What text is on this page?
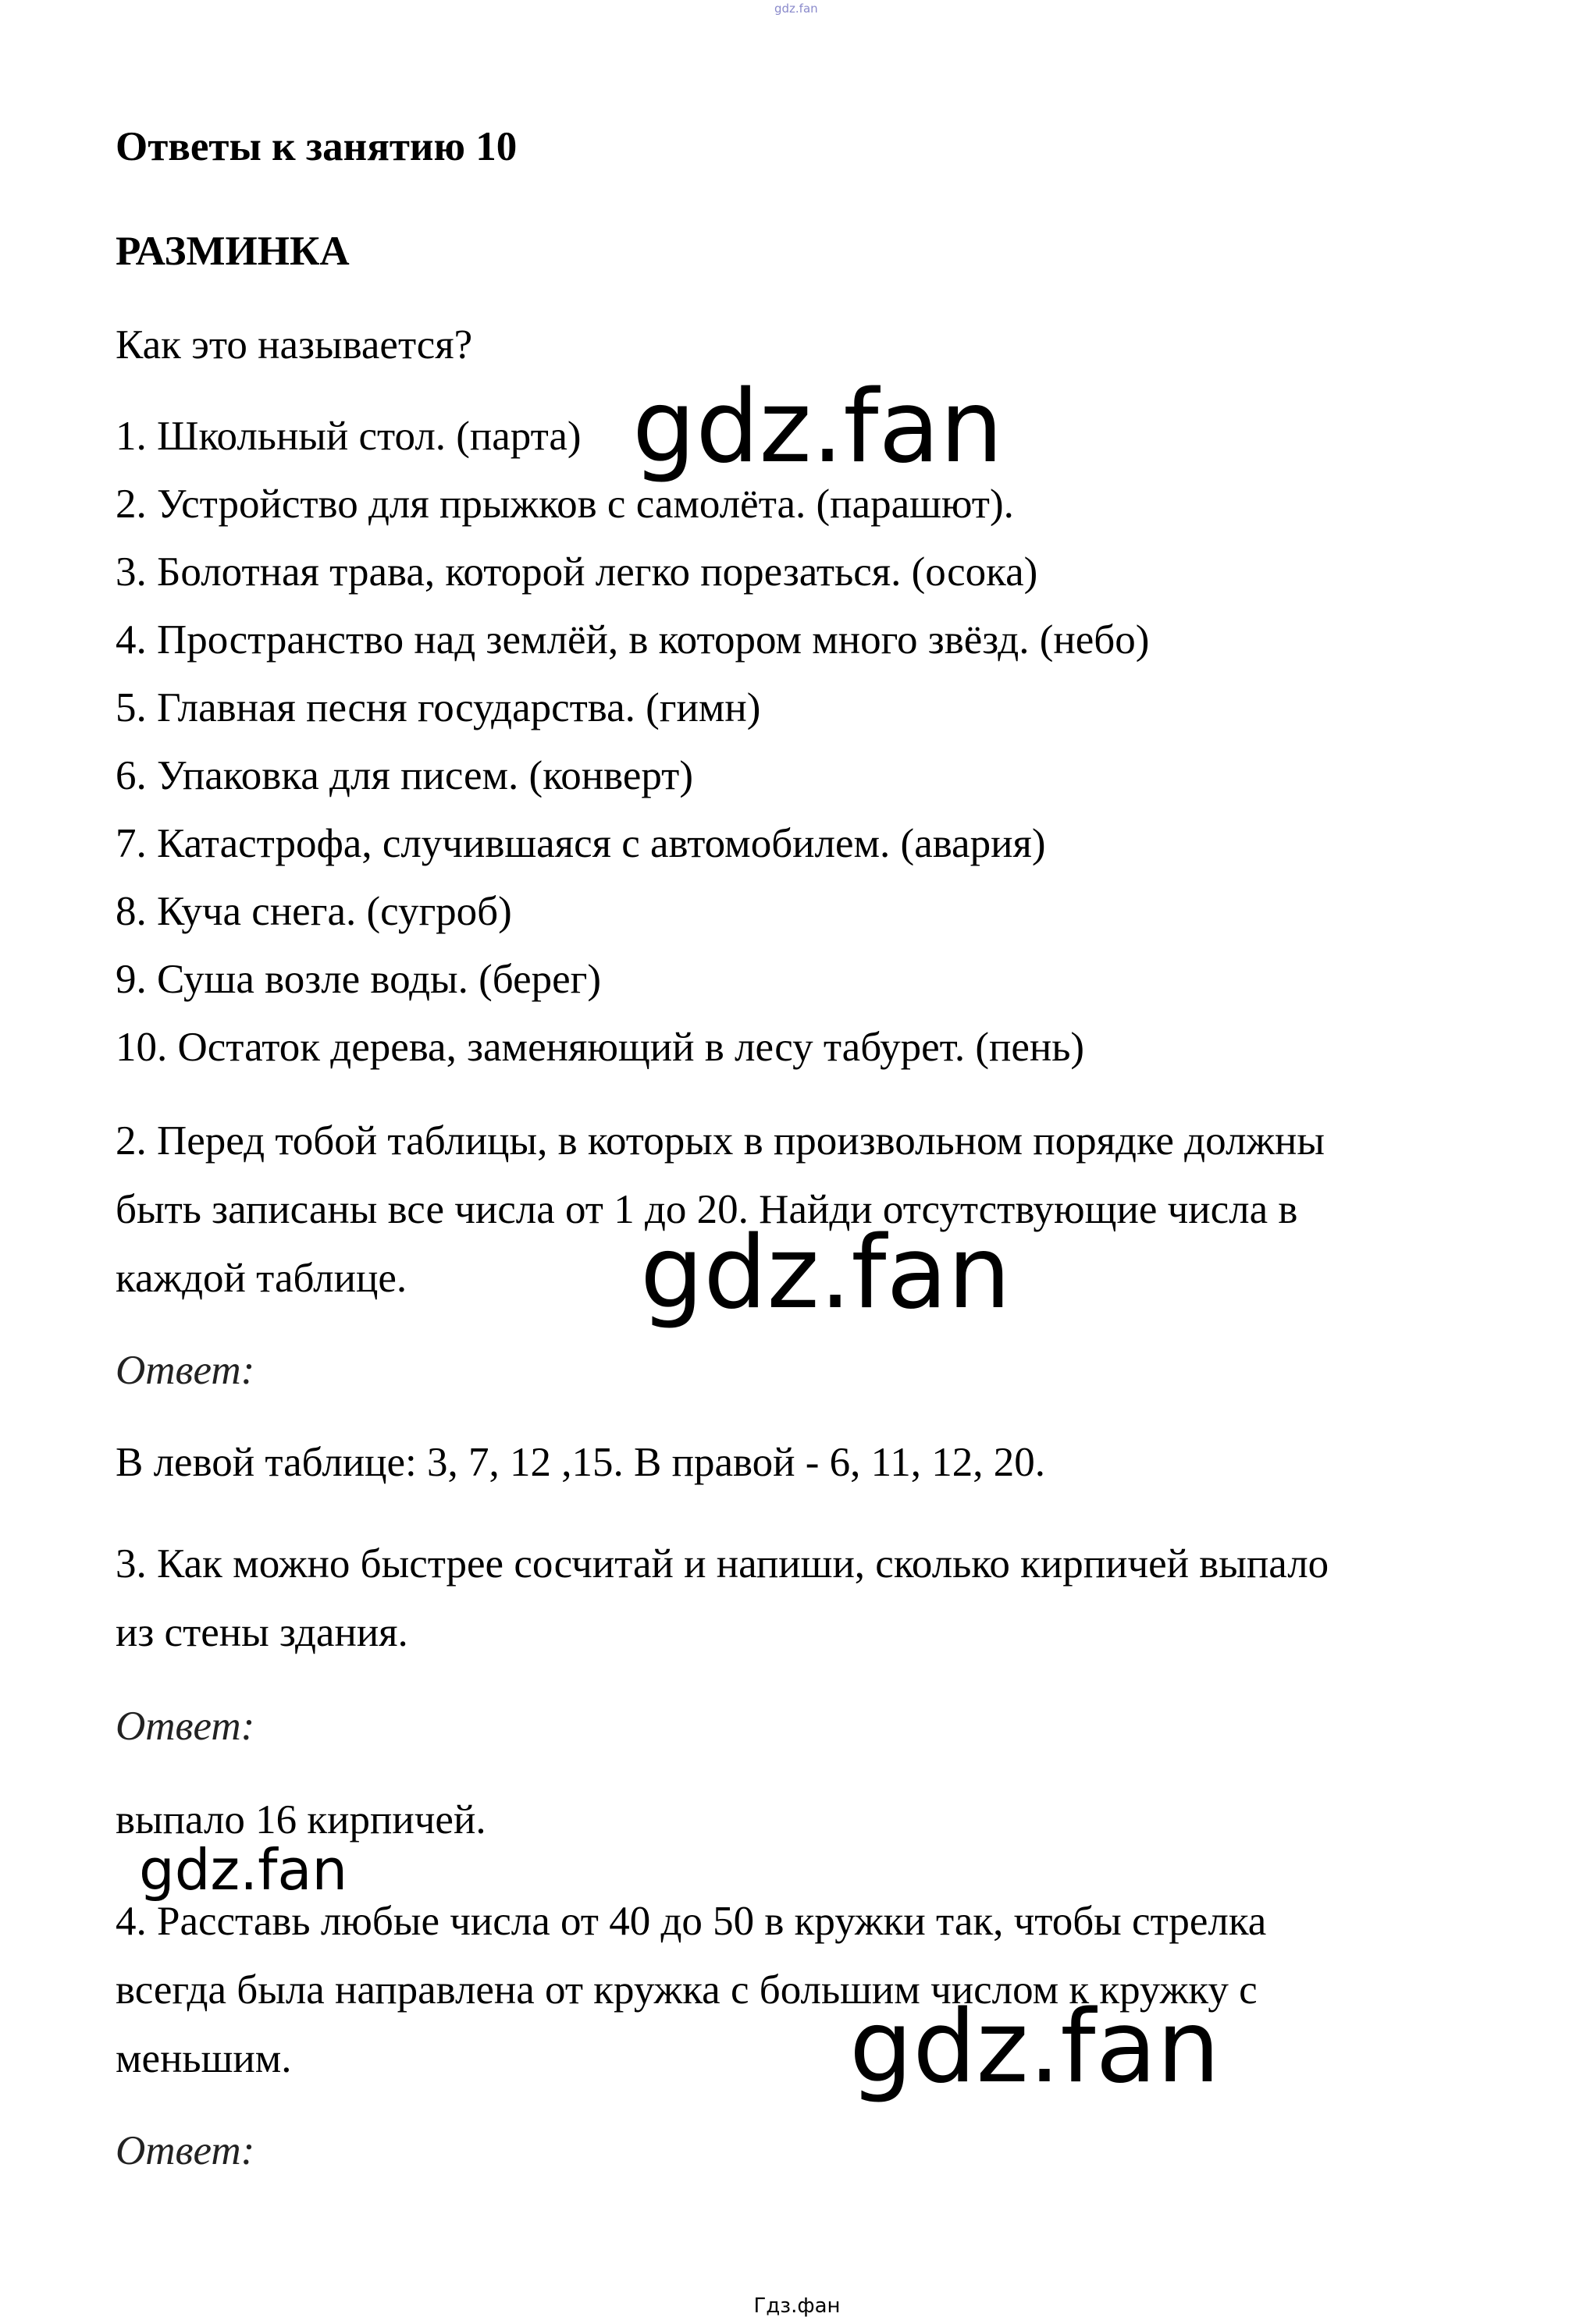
gdz.fan
Ответы к занятию 10
РАЗМИНКА
Как это называется?
1. Школьный стол. (парта)
2. Устройство для прыжков с самолёта. (парашют).
3. Болотная трава, которой легко порезаться. (осока)
4. Пространство над землёй, в котором много звёзд. (небо)
5. Главная песня государства. (гимн)
6. Упаковка для писем. (конверт)
7. Катастрофа, случившаяся с автомобилем. (авария)
8. Куча снега. (сугроб)
9. Суша возле воды. (берег)
10. Остаток дерева, заменяющий в лесу табурет. (пень)
2. Перед тобой таблицы, в которых в произвольном порядке должны
быть записаны все числа от 1 до 20. Найди отсутствующие числа в
каждой таблице.
Ответ:
В левой таблице: 3, 7, 12 ,15. В правой - 6, 11, 12, 20.
3. Как можно быстрее сосчитай и напиши, сколько кирпичей выпало
из стены здания.
Ответ:
выпало 16 кирпичей.
4. Расставь любые числа от 40 до 50 в кружки так, чтобы стрелка
всегда была направлена от кружка с большим числом к кружку с
меньшим.
Ответ:
gdz.fan
gdz.fan
gdz.fan
gdz.fan
Гдз.фан
